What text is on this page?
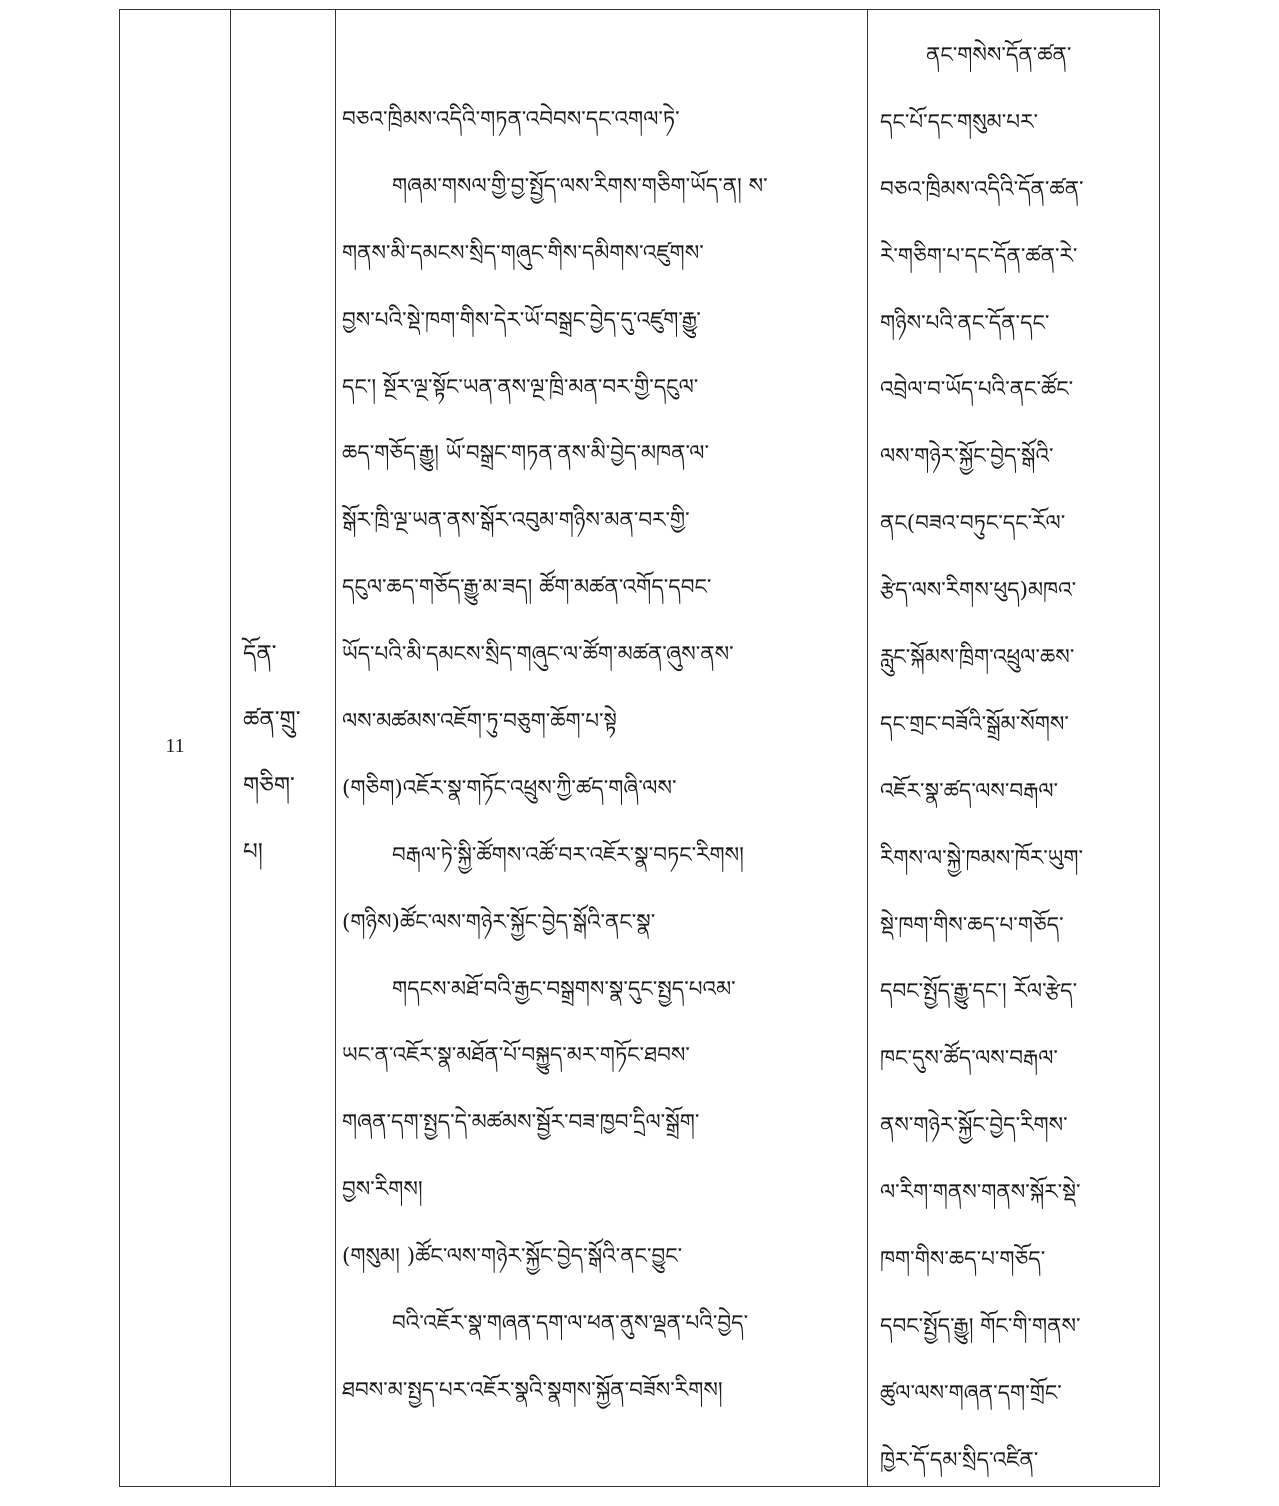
11
དོན་
ཚན་གྲུ་
གཅིག་
པ།
བཅའ་ཁྲིམས་འདིའི་གཏན་འབེབས་དང་འགལ་ཏེ་
གཞམ་གསལ་གྱི་བྱ་སྤྱོད་ལས་རིགས་གཅིག་ཡོད་ན། ས་
གནས་མི་དམངས་སྲིད་གཞུང་གིས་དམིགས་འཛུགས་
བྱས་པའི་སྡེ་ཁག་གིས་དེར་ཡོ་བསྒྲང་བྱེད་དུ་འཛུག་རྒྱུ་
དང་། སྔོར་ལྔ་སྟོང་ཡན་ནས་ལྔ་ཁྲི་མན་བར་གྱི་དངུལ་
ཆད་གཅོད་རྒྱུ། ཡོ་བསྒྲང་གཏན་ནས་མི་བྱེད་མཁན་ལ་
སྒོར་ཁྲི་ལྔ་ཡན་ནས་སྒོར་འབུམ་གཉིས་མན་བར་གྱི་
དངུལ་ཆད་གཅོད་རྒྱུ་མ་ཟད། ཚོག་མཚན་འགོད་དབང་
ཡོད་པའི་མི་དམངས་སྲིད་གཞུང་ལ་ཚོག་མཚན་ཞུས་ནས་
ལས་མཚམས་འཇོག་ཏུ་བཅུག་ཆོག་པ་སྟེ
(གཅིག)འཇོར་སྣ་གཏོང་འཕྲུས་ཀྱི་ཚད་གཞི་ལས་
བརྒལ་ཏེ་སྐྱི་ཚོགས་འཚོ་བར་འཇོར་སྣ་བཏང་རིགས།
(གཉིས)ཚོང་ལས་གཉེར་སྐྱོང་བྱེད་སྒོའི་ནང་སྣ་
གདངས་མཐོ་བའི་རྒྱང་བསྒྲགས་སྣ་དུང་སྤྱད་པའམ་
ཡང་ན་འཇོར་སྣ་མཐོན་པོ་བསྐྱུད་མར་གཏོང་ཐབས་
གཞན་དག་སྤྱད་དེ་མཚམས་སྦྱོར་བཟ་ཁྱབ་དྲིལ་སྒྲོག་
བྱས་རིགས།
(གསུམ། )ཚོང་ལས་གཉེར་སྐྱོང་བྱེད་སྒོའི་ནང་བྱུང་
བའི་འཇོར་སྣ་གཞན་དག་ལ་ཕན་ནུས་ལྡན་པའི་བྱེད་
ཐབས་མ་སྤྱད་པར་འཇོར་སྣའི་སྣགས་སྐྱོན་བཟོས་རིགས།
ནང་གསེས་དོན་ཚན་
དང་པོ་དང་གསུམ་པར་
བཅའ་ཁྲིམས་འདིའི་དོན་ཚན་
རེ་གཅིག་པ་དང་དོན་ཚན་རེ་
གཉིས་པའི་ནང་དོན་དང་
འབྲེལ་བ་ཡོད་པའི་ནང་ཚོང་
ལས་གཉེར་སྐྱོང་བྱེད་སྒོའི་
ནང(བཟའ་བཏུང་དང་རོལ་
རྩེད་ལས་རིགས་ཕུད)མཁའ་
རླུང་སྐོམས་ཁྲིག་འཕྲུལ་ཆས་
དང་གྲང་བཟོའི་སྒྲོམ་སོགས་
འཇོར་སྣ་ཚད་ལས་བརྒལ་
རིགས་ལ་སྐྱེ་ཁམས་ཁོར་ཡུག་
སྡེ་ཁག་གིས་ཆད་པ་གཅོད་
དབང་སྤྱོད་རྒྱུ་དང་། རོལ་རྩེད་
ཁང་དུས་ཚོད་ལས་བརྒལ་
ནས་གཉེར་སྐྱོང་བྱེད་རིགས་
ལ་རིག་གནས་གནས་སྐོར་སྡེ་
ཁག་གིས་ཆད་པ་གཅོད་
དབང་སྤྱོད་རྒྱུ། གོང་གི་གནས་
ཚུལ་ལས་གཞན་དག་གྲོང་
ཁྱེར་དོ་དམ་སྲིད་འཛིན་
